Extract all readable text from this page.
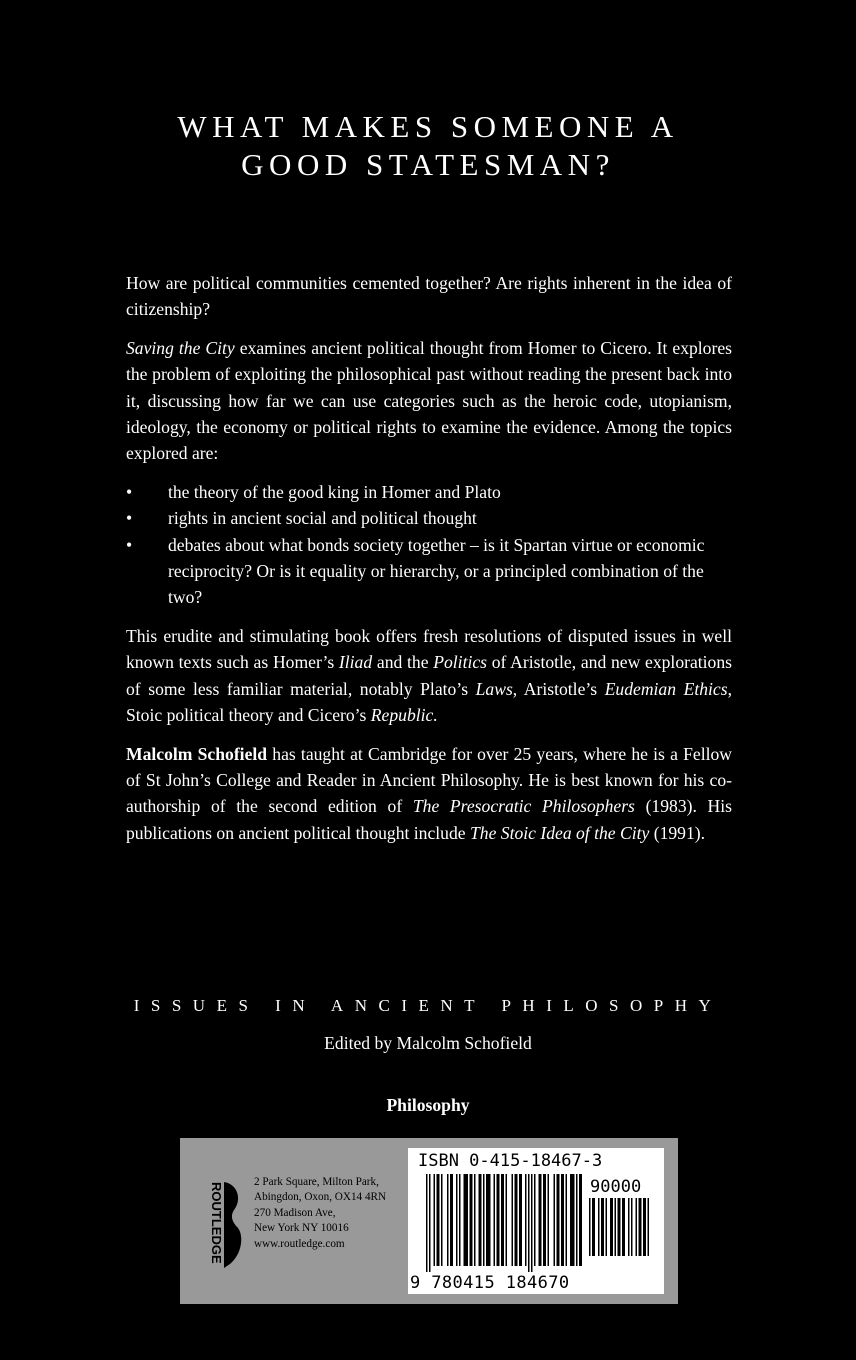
WHAT MAKES SOMEONE A
GOOD STATESMAN?

How are political communities cemented together? Are rights inherent in the idea of citizenship?

Saving the City examines ancient political thought from Homer to Cicero. It explores the problem of exploiting the philosophical past without reading the present back into it, discussing how far we can use categories such as the heroic code, utopianism, ideology, the economy or political rights to examine the evidence. Among the topics explored are:

• the theory of the good king in Homer and Plato
• rights in ancient social and political thought
• debates about what bonds society together – is it Spartan virtue or economic reciprocity? Or is it equality or hierarchy, or a principled combination of the two?

This erudite and stimulating book offers fresh resolutions of disputed issues in well known texts such as Homer’s Iliad and the Politics of Aristotle, and new explorations of some less familiar material, notably Plato’s Laws, Aristotle’s Eudemian Ethics, Stoic political theory and Cicero’s Republic.

Malcolm Schofield has taught at Cambridge for over 25 years, where he is a Fellow of St John’s College and Reader in Ancient Philosophy. He is best known for his co-authorship of the second edition of The Presocratic Philosophers (1983). His publications on ancient political thought include The Stoic Idea of the City (1991).

ISSUES IN ANCIENT PHILOSOPHY
Edited by Malcolm Schofield
Philosophy
ROUTLEDGE	2 Park Square, Milton Park,
Abingdon, Oxon, OX14 4RN
270 Madison Ave,
New York NY 10016
www.routledge.com
ISBN 0-415-18467-3
90000
9 780415 184670
